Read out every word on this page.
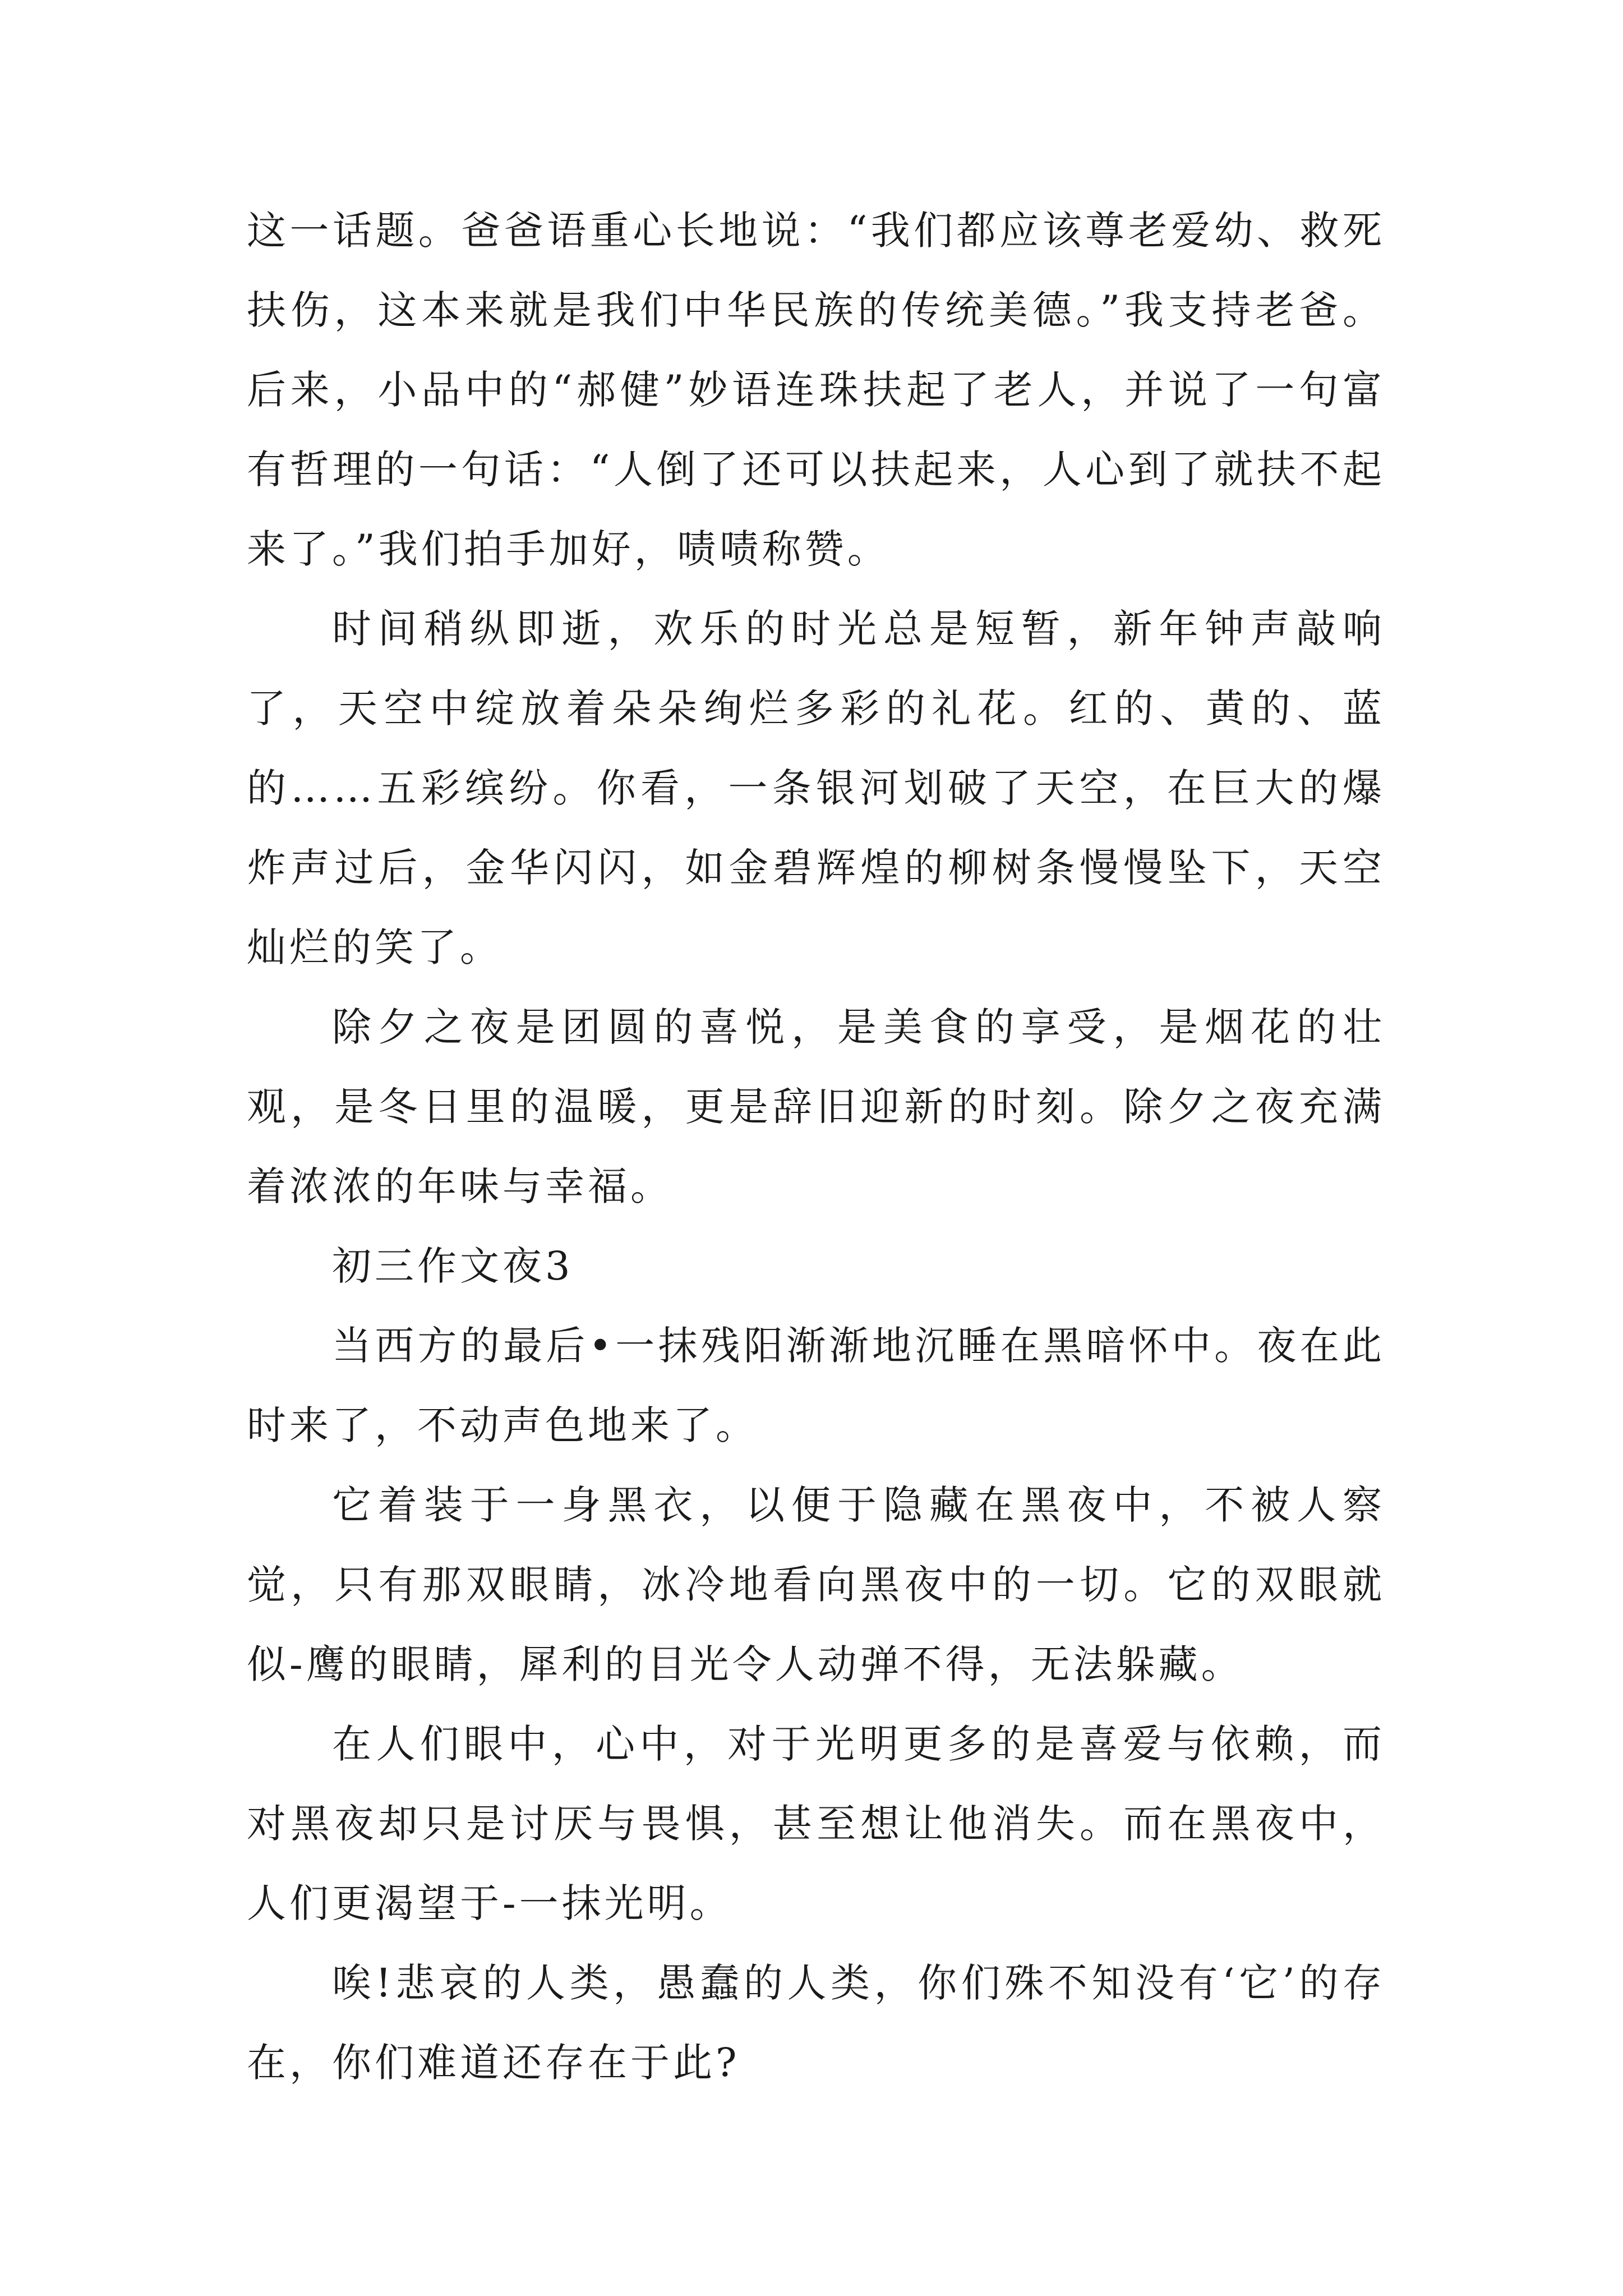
这一话题。爸爸语重心长地说：“我们都应该尊老爱幼、救死扶伤，这本来就是我们中华民族的传统美德。”我支持老爸。后来，小品中的“郝健”妙语连珠扶起了老人，并说了一句富有哲理的一句话：“人倒了还可以扶起来，人心到了就扶不起来了。”我们拍手加好，啧啧称赞。

时间稍纵即逝，欢乐的时光总是短暂，新年钟声敲响了，天空中绽放着朵朵绚烂多彩的礼花。红的、黄的、蓝的……五彩缤纷。你看，一条银河划破了天空，在巨大的爆炸声过后，金华闪闪，如金碧辉煌的柳树条慢慢坠下，天空灿烂的笑了。

除夕之夜是团圆的喜悦，是美食的享受，是烟花的壮观，是冬日里的温暖，更是辞旧迎新的时刻。除夕之夜充满着浓浓的年味与幸福。

初三作文夜3

当西方的最后•一抹残阳渐渐地沉睡在黑暗怀中。夜在此时来了，不动声色地来了。

它着装于一身黑衣，以便于隐藏在黑夜中，不被人察觉，只有那双眼睛，冰冷地看向黑夜中的一切。它的双眼就似-鹰的眼睛，犀利的目光令人动弹不得，无法躲藏。

在人们眼中，心中，对于光明更多的是喜爱与依赖，而对黑夜却只是讨厌与畏惧，甚至想让他消失。而在黑夜中，人们更渴望于-一抹光明。

唉!悲哀的人类，愚蠢的人类，你们殊不知没有‘它’的存在，你们难道还存在于此?
